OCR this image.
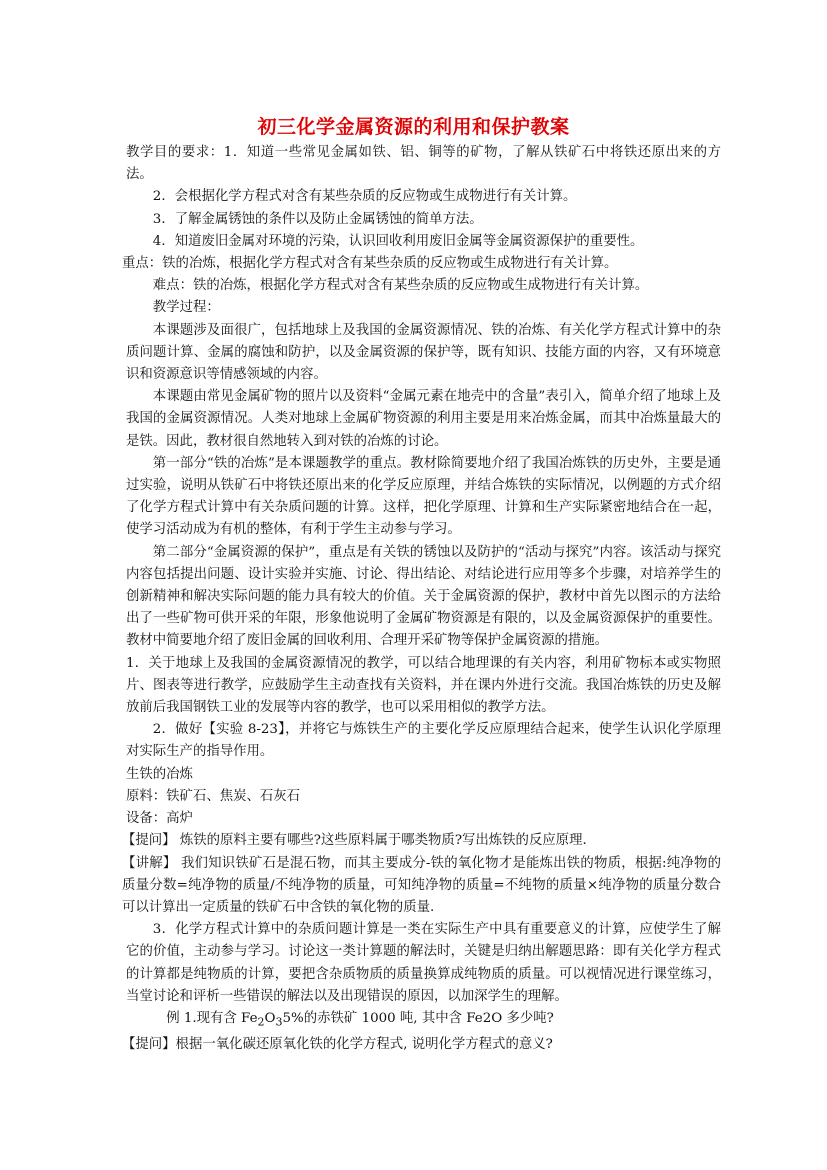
初三化学金属资源的利用和保护教案

教学目的要求：1．知道一些常见金属如铁、铝、铜等的矿物，了解从铁矿石中将铁还原出来的方法。

2．会根据化学方程式对含有某些杂质的反应物或生成物进行有关计算。

3．了解金属锈蚀的条件以及防止金属锈蚀的简单方法。

4．知道废旧金属对环境的污染，认识回收利用废旧金属等金属资源保护的重要性。

重点：铁的冶炼，根据化学方程式对含有某些杂质的反应物或生成物进行有关计算。

难点：铁的冶炼，根据化学方程式对含有某些杂质的反应物或生成物进行有关计算。

教学过程：

本课题涉及面很广，包括地球上及我国的金属资源情况、铁的冶炼、有关化学方程式计算中的杂质问题计算、金属的腐蚀和防护，以及金属资源的保护等，既有知识、技能方面的内容，又有环境意识和资源意识等情感领域的内容。

本课题由常见金属矿物的照片以及资料“金属元素在地壳中的含量”表引入，简单介绍了地球上及我国的金属资源情况。人类对地球上金属矿物资源的利用主要是用来冶炼金属，而其中冶炼量最大的是铁。因此，教材很自然地转入到对铁的冶炼的讨论。

第一部分“铁的冶炼”是本课题教学的重点。教材除简要地介绍了我国冶炼铁的历史外，主要是通过实验，说明从铁矿石中将铁还原出来的化学反应原理，并结合炼铁的实际情况，以例题的方式介绍了化学方程式计算中有关杂质问题的计算。这样，把化学原理、计算和生产实际紧密地结合在一起，使学习活动成为有机的整体，有利于学生主动参与学习。

第二部分“金属资源的保护”，重点是有关铁的锈蚀以及防护的“活动与探究”内容。该活动与探究内容包括提出问题、设计实验并实施、讨论、得出结论、对结论进行应用等多个步骤，对培养学生的创新精神和解决实际问题的能力具有较大的价值。关于金属资源的保护，教材中首先以图示的方法给出了一些矿物可供开采的年限，形象他说明了金属矿物资源是有限的，以及金属资源保护的重要性。教材中简要地介绍了废旧金属的回收利用、合理开采矿物等保护金属资源的措施。

1．关于地球上及我国的金属资源情况的教学，可以结合地理课的有关内容，利用矿物标本或实物照片、图表等进行教学，应鼓励学生主动查找有关资料，并在课内外进行交流。我国冶炼铁的历史及解放前后我国钢铁工业的发展等内容的教学，也可以采用相似的教学方法。

2．做好【实验 8-23】，并将它与炼铁生产的主要化学反应原理结合起来，使学生认识化学原理对实际生产的指导作用。

生铁的冶炼

原料：铁矿石、焦炭、石灰石

设备：高炉

【提问】 炼铁的原料主要有哪些?这些原料属于哪类物质?写出炼铁的反应原理.

【讲解】 我们知识铁矿石是混石物，而其主要成分-铁的氧化物才是能炼出铁的物质，根据:纯净物的质量分数=纯净物的质量/不纯净物的质量，可知纯净物的质量=不纯物的质量×纯净物的质量分数合可以计算出一定质量的铁矿石中含铁的氧化物的质量.

3．化学方程式计算中的杂质问题计算是一类在实际生产中具有重要意义的计算，应使学生了解它的价值，主动参与学习。讨论这一类计算题的解法时，关键是归纳出解题思路：即有关化学方程式的计算都是纯物质的计算，要把含杂质物质的质量换算成纯物质的质量。可以视情况进行课堂练习，当堂讨论和评析一些错误的解法以及出现错误的原因，以加深学生的理解。

例 1.现有含 $Fe_2O_35\%$的赤铁矿 1000 吨, 其中含 Fe2O 多少吨?

【提问】根据一氧化碳还原氧化铁的化学方程式, 说明化学方程式的意义?
